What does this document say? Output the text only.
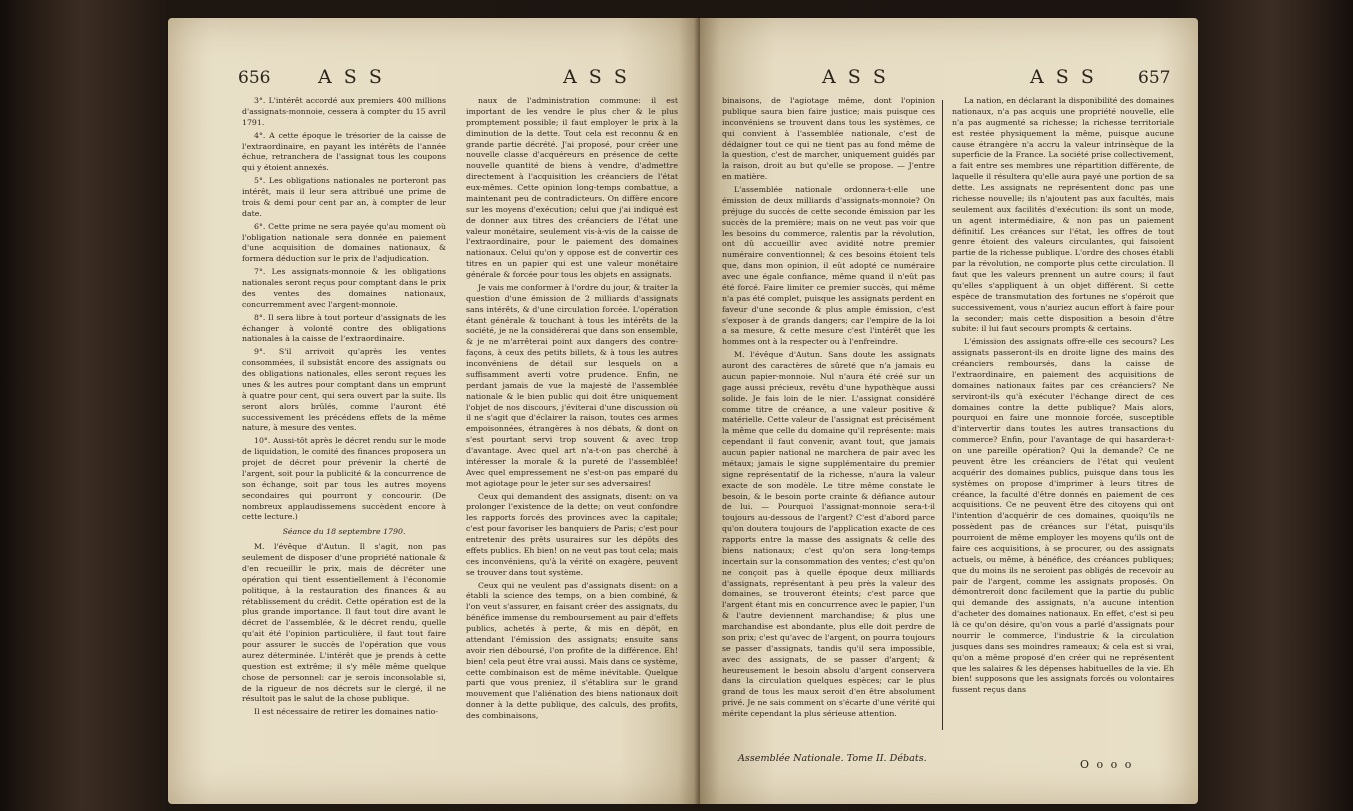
656	A S S	A S S

3°. L'intérêt accordé aux premiers 400 millions d'assignats-monnoie, cessera à compter du 15 avril 1791.

4°. A cette époque le trésorier de la caisse de l'extraordinaire, en payant les intérêts de l'année échue, retranchera de l'assignat tous les coupons qui y étoient annexés.

5°. Les obligations nationales ne porteront pas intérêt, mais il leur sera attribué une prime de trois & demi pour cent par an, à compter de leur date.

6°. Cette prime ne sera payée qu'au moment où l'obligation nationale sera donnée en paiement d'une acquisition de domaines nationaux, & formera déduction sur le prix de l'adjudication.

7°. Les assignats-monnoie & les obligations nationales seront reçus pour comptant dans le prix des ventes des domaines nationaux, concurremment avec l'argent-monnoie.

8°. Il sera libre à tout porteur d'assignats de les échanger à volonté contre des obligations nationales à la caisse de l'extraordinaire.

9°. S'il arrivoit qu'après les ventes consommées, il subsistât encore des assignats ou des obligations nationales, elles seront reçues les unes & les autres pour comptant dans un emprunt à quatre pour cent, qui sera ouvert par la suite. Ils seront alors brûlés, comme l'auront été successivement les précédens effets de la même nature, à mesure des ventes.

10°. Aussi-tôt après le décret rendu sur le mode de liquidation, le comité des finances proposera un projet de décret pour prévenir la cherté de l'argent, soit pour la publicité & la concurrence de son échange, soit par tous les autres moyens secondaires qui pourront y concourir. (De nombreux applaudissemens succèdent encore à cette lecture.)

Séance du 18 septembre 1790.

M. l'évêque d'Autun. Il s'agit, non pas seulement de disposer d'une propriété nationale & d'en recueillir le prix, mais de décréter une opération qui tient essentiellement à l'économie politique, à la restauration des finances & au rétablissement du crédit. Cette opération est de la plus grande importance. Il faut tout dire avant le décret de l'assemblée, & le décret rendu, quelle qu'ait été l'opinion particulière, il faut tout faire pour assurer le succès de l'opération que vous aurez déterminée. L'intérêt que je prends à cette question est extrême; il s'y mêle même quelque chose de personnel: car je serois inconsolable si, de la rigueur de nos décrets sur le clergé, il ne résultoit pas le salut de la chose publique.

Il est nécessaire de retirer les domaines natio-

naux de l'administration commune: il est important de les vendre le plus cher & le plus promptement possible; il faut employer le prix à la diminution de la dette. Tout cela est reconnu & en grande partie décrété. J'ai proposé, pour créer une nouvelle classe d'acquéreurs en présence de cette nouvelle quantité de biens à vendre, d'admettre directement à l'acquisition les créanciers de l'état eux-mêmes. Cette opinion long-temps combattue, a maintenant peu de contradicteurs. On diffère encore sur les moyens d'exécution; celui que j'ai indiqué est de donner aux titres des créanciers de l'état une valeur monétaire, seulement vis-à-vis de la caisse de l'extraordinaire, pour le paiement des domaines nationaux. Celui qu'on y oppose est de convertir ces titres en un papier qui est une valeur monétaire générale & forcée pour tous les objets en assignats.

Je vais me conformer à l'ordre du jour, & traiter la question d'une émission de 2 milliards d'assignats sans intérêts, & d'une circulation forcée. L'opération étant générale & touchant à tous les intérêts de la société, je ne la considérerai que dans son ensemble, & je ne m'arrêterai point aux dangers des contre-façons, à ceux des petits billets, & à tous les autres inconvéniens de détail sur lesquels on a suffisamment averti votre prudence. Enfin, ne perdant jamais de vue la majesté de l'assemblée nationale & le bien public qui doit être uniquement l'objet de nos discours, j'éviterai d'une discussion où il ne s'agit que d'éclairer la raison, toutes ces armes empoisonnées, étrangères à nos débats, & dont on s'est pourtant servi trop souvent & avec trop d'avantage. Avec quel art n'a-t-on pas cherché à intéresser la morale & la pureté de l'assemblée! Avec quel empressement ne s'est-on pas emparé du mot agiotage pour le jeter sur ses adversaires!

Ceux qui demandent des assignats, disent: on va prolonger l'existence de la dette; on veut confondre les rapports forcés des provinces avec la capitale; c'est pour favoriser les banquiers de Paris; c'est pour entretenir des prêts usuraires sur les dépôts des effets publics. Eh bien! on ne veut pas tout cela; mais ces inconvéniens, qu'à la vérité on exagère, peuvent se trouver dans tout système.

Ceux qui ne veulent pas d'assignats disent: on a établi la science des temps, on a bien combiné, & l'on veut s'assurer, en faisant créer des assignats, du bénéfice immense du remboursement au pair d'effets publics, achetés à perte, & mis en dépôt, en attendant l'émission des assignats; ensuite sans avoir rien déboursé, l'on profite de la différence. Eh! bien! cela peut être vrai aussi. Mais dans ce système, cette combinaison est de même inévitable. Quelque parti que vous preniez, il s'établira sur le grand mouvement que l'aliénation des biens nationaux doit donner à la dette publique, des calculs, des profits, des combinaisons,

A S S	A S S 657

binaisons, de l'agiotage même, dont l'opinion publique saura bien faire justice; mais puisque ces inconvéniens se trouvent dans tous les systèmes, ce qui convient à l'assemblée nationale, c'est de dédaigner tout ce qui ne tient pas au fond même de la question, c'est de marcher, uniquement guidés par la raison, droit au but qu'elle se propose. — J'entre en matière.

L'assemblée nationale ordonnera-t-elle une émission de deux milliards d'assignats-monnoie? On préjuge du succès de cette seconde émission par les succès de la première; mais on ne veut pas voir que les besoins du commerce, ralentis par la révolution, ont dû accueillir avec avidité notre premier numéraire conventionnel; & ces besoins étoient tels que, dans mon opinion, il eût adopté ce numéraire avec une égale confiance, même quand il n'eût pas été forcé. Faire limiter ce premier succès, qui même n'a pas été complet, puisque les assignats perdent en faveur d'une seconde & plus ample émission, c'est s'exposer à de grands dangers; car l'empire de la loi a sa mesure, & cette mesure c'est l'intérêt que les hommes ont à la respecter ou à l'enfreindre.

M. l'évêque d'Autun. Sans doute les assignats auront des caractères de sûreté que n'a jamais eu aucun papier-monnoie. Nul n'aura été créé sur un gage aussi précieux, revêtu d'une hypothèque aussi solide. Je fais loin de le nier. L'assignat considéré comme titre de créance, a une valeur positive & matérielle. Cette valeur de l'assignat est précisément la même que celle du domaine qu'il représente: mais cependant il faut convenir, avant tout, que jamais aucun papier national ne marchera de pair avec les métaux; jamais le signe supplémentaire du premier signe représentatif de la richesse, n'aura la valeur exacte de son modèle. Le titre même constate le besoin, & le besoin porte crainte & défiance autour de lui. — Pourquoi l'assignat-monnoie sera-t-il toujours au-dessous de l'argent? C'est d'abord parce qu'on doutera toujours de l'application exacte de ces rapports entre la masse des assignats & celle des biens nationaux; c'est qu'on sera long-temps incertain sur la consommation des ventes; c'est qu'on ne conçoit pas à quelle époque deux milliards d'assignats, représentant à peu près la valeur des domaines, se trouveront éteints; c'est parce que l'argent étant mis en concurrence avec le papier, l'un & l'autre deviennent marchandise; & plus une marchandise est abondante, plus elle doit perdre de son prix; c'est qu'avec de l'argent, on pourra toujours se passer d'assignats, tandis qu'il sera impossible, avec des assignats, de se passer d'argent; & heureusement le besoin absolu d'argent conservera dans la circulation quelques espèces; car le plus grand de tous les maux seroit d'en être absolument privé. Je ne sais comment on s'écarte d'une vérité qui mérite cependant la plus sérieuse attention.

Assemblée Nationale. Tome II. Débats.

La nation, en déclarant la disponibilité des domaines nationaux, n'a pas acquis une propriété nouvelle, elle n'a pas augmenté sa richesse; la richesse territoriale est restée physiquement la même, puisque aucune cause étrangère n'a accru la valeur intrinsèque de la superficie de la France. La société prise collectivement, a fait entre ses membres une répartition différente, de laquelle il résultera qu'elle aura payé une portion de sa dette. Les assignats ne représentent donc pas une richesse nouvelle; ils n'ajoutent pas aux facultés, mais seulement aux facilités d'exécution: ils sont un mode, un agent intermédiaire, & non pas un paiement définitif. Les créances sur l'état, les offres de tout genre étoient des valeurs circulantes, qui faisoient partie de la richesse publique. L'ordre des choses établi par la révolution, ne comporte plus cette circulation. Il faut que les valeurs prennent un autre cours; il faut qu'elles s'appliquent à un objet différent. Si cette espèce de transmutation des fortunes ne s'opéroit que successivement, vous n'auriez aucun effort à faire pour la seconder; mais cette disposition a besoin d'être subite: il lui faut secours prompts & certains.

L'émission des assignats offre-elle ces secours? Les assignats passeront-ils en droite ligne des mains des créanciers remboursés, dans la caisse de l'extraordinaire, en paiement des acquisitions de domaines nationaux faites par ces créanciers? Ne serviront-ils qu'à exécuter l'échange direct de ces domaines contre la dette publique? Mais alors, pourquoi en faire une monnoie forcée, susceptible d'intervertir dans toutes les autres transactions du commerce? Enfin, pour l'avantage de qui hasardera-t-on une pareille opération? Qui la demande? Ce ne peuvent être les créanciers de l'état qui veulent acquérir des domaines publics, puisque dans tous les systèmes on propose d'imprimer à leurs titres de créance, la faculté d'être donnés en paiement de ces acquisitions. Ce ne peuvent être des citoyens qui ont l'intention d'acquérir de ces domaines, quoiqu'ils ne possèdent pas de créances sur l'état, puisqu'ils pourroient de même employer les moyens qu'ils ont de faire ces acquisitions, à se procurer, ou des assignats actuels, ou même, à bénéfice, des créances publiques; que du moins ils ne seroient pas obligés de recevoir au pair de l'argent, comme les assignats proposés. On démontreroit donc facilement que la partie du public qui demande des assignats, n'a aucune intention d'acheter des domaines nationaux. En effet, c'est si peu là ce qu'on désire, qu'on vous a parlé d'assignats pour nourrir le commerce, l'industrie & la circulation jusques dans ses moindres rameaux; & cela est si vrai, qu'on a même proposé d'en créer qui ne représentent que les salaires & les dépenses habituelles de la vie. Eh bien! supposons que les assignats forcés ou volontaires fussent reçus dans

O o o o
